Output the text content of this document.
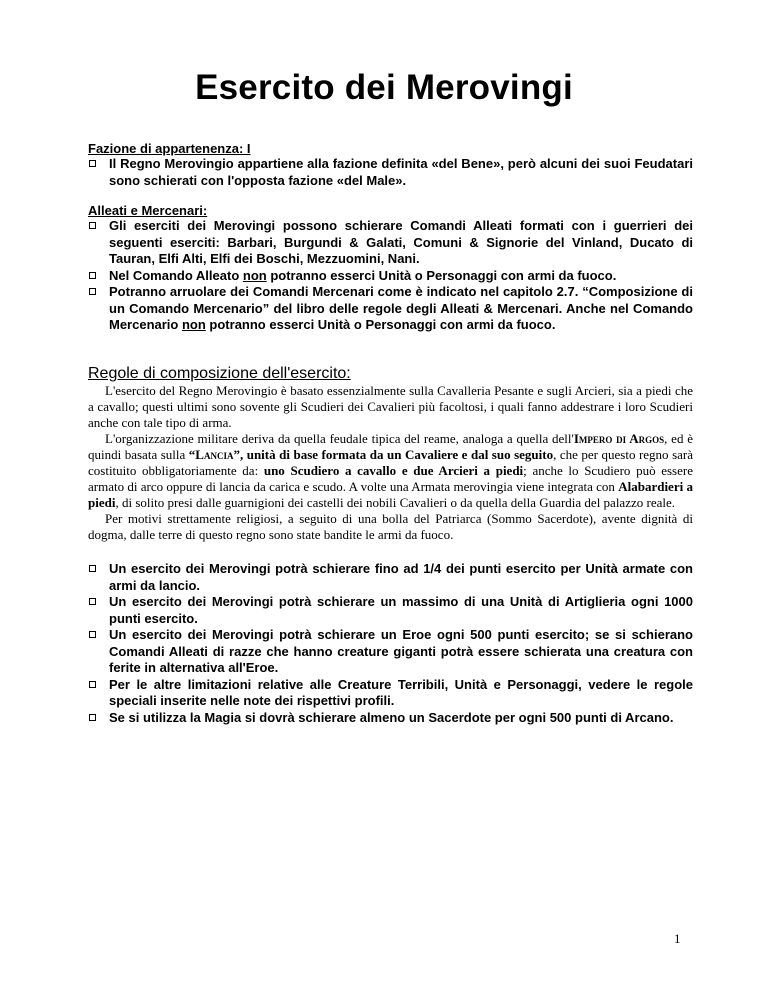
Esercito dei Merovingi
Fazione di appartenenza: I
Il Regno Merovingio appartiene alla fazione definita «del Bene», però alcuni dei suoi Feudatari sono schierati con l'opposta fazione «del Male».
Alleati e Mercenari:
Gli eserciti dei Merovingi possono schierare Comandi Alleati formati con i guerrieri dei seguenti eserciti: Barbari, Burgundi & Galati, Comuni & Signorie del Vinland, Ducato di Tauran, Elfi Alti, Elfi dei Boschi, Mezzuomini, Nani.
Nel Comando Alleato non potranno esserci Unità o Personaggi con armi da fuoco.
Potranno arruolare dei Comandi Mercenari come è indicato nel capitolo 2.7. “Composizione di un Comando Mercenario” del libro delle regole degli Alleati & Mercenari. Anche nel Comando Mercenario non potranno esserci Unità o Personaggi con armi da fuoco.
Regole di composizione dell'esercito:

L'esercito del Regno Merovingio è basato essenzialmente sulla Cavalleria Pesante e sugli Arcieri, sia a piedi che a cavallo; questi ultimi sono sovente gli Scudieri dei Cavalieri più facoltosi, i quali fanno addestrare i loro Scudieri anche con tale tipo di arma.

L'organizzazione militare deriva da quella feudale tipica del reame, analoga a quella dell'Impero di Argos, ed è quindi basata sulla “Lancia”, unità di base formata da un Cavaliere e dal suo seguito, che per questo regno sarà costituito obbligatoriamente da: uno Scudiero a cavallo e due Arcieri a piedi; anche lo Scudiero può essere armato di arco oppure di lancia da carica e scudo. A volte una Armata merovingia viene integrata con Alabardieri a piedi, di solito presi dalle guarnigioni dei castelli dei nobili Cavalieri o da quella della Guardia del palazzo reale.

Per motivi strettamente religiosi, a seguito di una bolla del Patriarca (Sommo Sacerdote), avente dignità di dogma, dalle terre di questo regno sono state bandite le armi da fuoco.

Un esercito dei Merovingi potrà schierare fino ad 1/4 dei punti esercito per Unità armate con armi da lancio.
Un esercito dei Merovingi potrà schierare un massimo di una Unità di Artiglieria ogni 1000 punti esercito.
Un esercito dei Merovingi potrà schierare un Eroe ogni 500 punti esercito; se si schierano Comandi Alleati di razze che hanno creature giganti potrà essere schierata una creatura con ferite in alternativa all'Eroe.
Per le altre limitazioni relative alle Creature Terribili, Unità e Personaggi, vedere le regole speciali inserite nelle note dei rispettivi profili.
Se si utilizza la Magia si dovrà schierare almeno un Sacerdote per ogni 500 punti di Arcano.
1
